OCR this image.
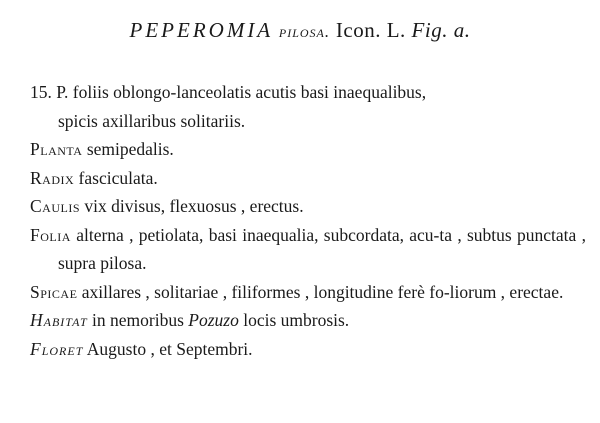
PEPEROMIA pilosa. Icon. L. Fig. a.

15. P. foliis oblongo-lanceolatis acutis basi inaequalibus,
spicis axillaribus solitariis.

Planta semipedalis.

Radix fasciculata.

Caulis vix divisus, flexuosus , erectus.

Folia alterna , petiolata, basi inaequalia, subcordata, acu-ta , subtus punctata , supra pilosa.

Spicae axillares , solitariae , filiformes , longitudine ferè fo-liorum , erectae.

Habitat in nemoribus Pozuzo locis umbrosis.

Floret Augusto , et Septembri.
